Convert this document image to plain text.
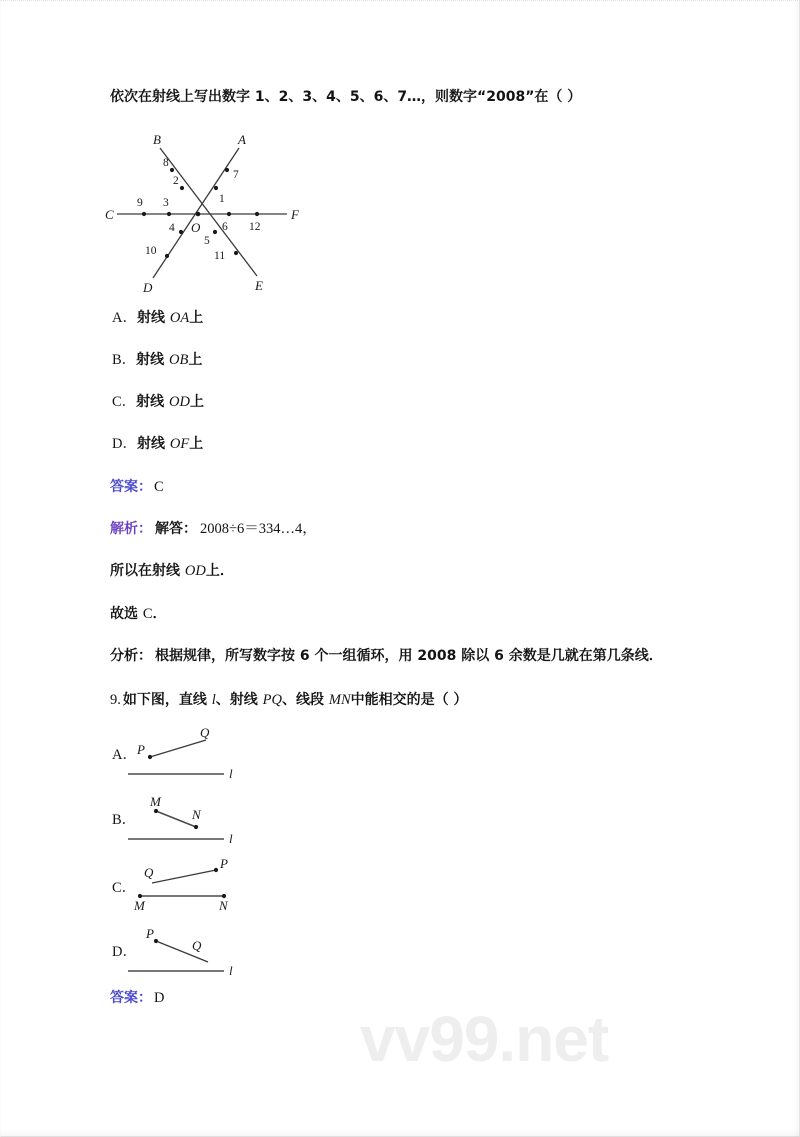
vv99.net
依次在射线上写出数字 1、2、3、4、5、6、7…，则数字“2008”在（ ）
B	A
C	F
D	E
O
1
2
3
4
5
6
7
8
9
10	11
12
A．射线 OA上
B．射线 OB上
C．射线 OD上
D．射线 OF上
答案： C
解析： 解答： 2008÷6＝334…4，
所以在射线 OD上．
故选 C．
分析： 根据规律，所写数字按 6 个一组循环，用 2008 除以 6 余数是几就在第几条线．
9. 如下图，直线 l、射线 PQ、线段 MN中能相交的是（ ）
A． P
Q
l
B．
M
N
l
C．
P
Q
M	N
D．
P
Q
l
答案： D
